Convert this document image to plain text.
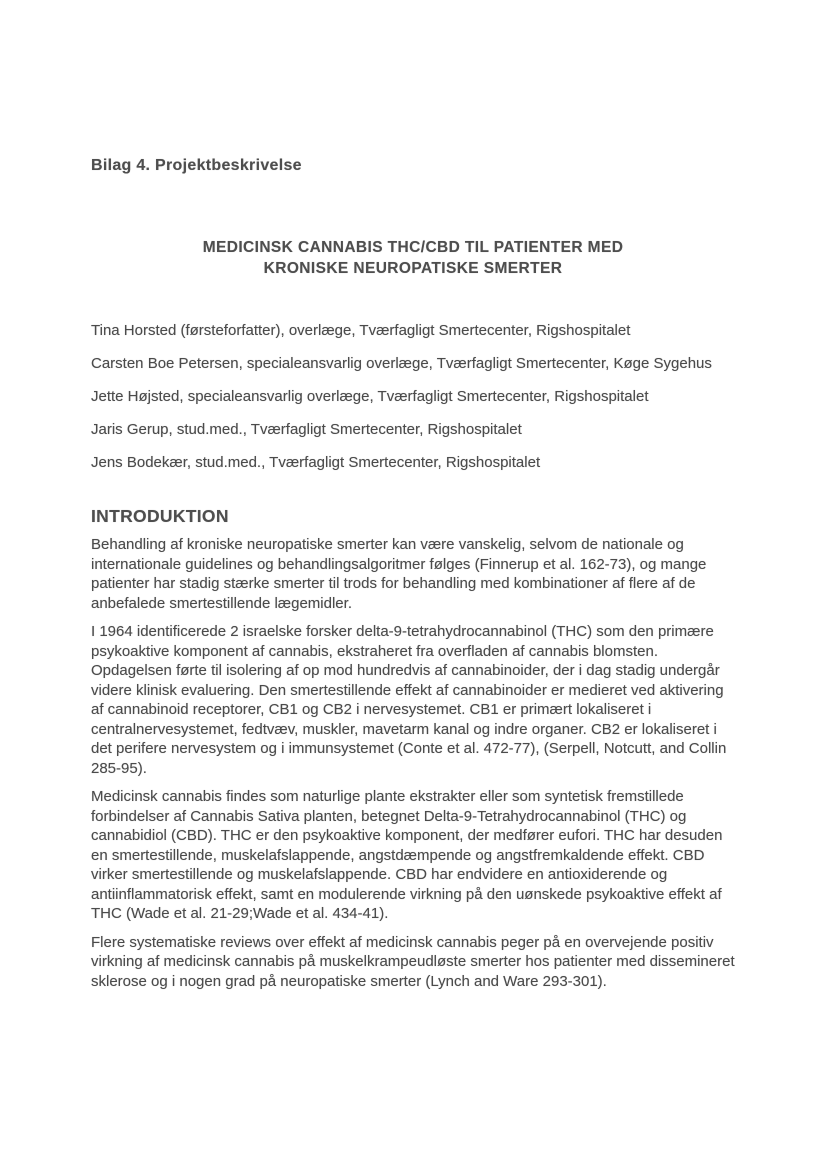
Bilag 4. Projektbeskrivelse
MEDICINSK CANNABIS THC/CBD TIL PATIENTER MED
KRONISKE NEUROPATISKE SMERTER

Tina Horsted (førsteforfatter), overlæge, Tværfagligt Smertecenter, Rigshospitalet

Carsten Boe Petersen, specialeansvarlig overlæge, Tværfagligt Smertecenter, Køge Sygehus

Jette Højsted, specialeansvarlig overlæge, Tværfagligt Smertecenter, Rigshospitalet

Jaris Gerup, stud.med., Tværfagligt Smertecenter, Rigshospitalet

Jens Bodekær, stud.med., Tværfagligt Smertecenter, Rigshospitalet

INTRODUKTION

Behandling af kroniske neuropatiske smerter kan være vanskelig, selvom de nationale og internationale guidelines og behandlingsalgoritmer følges (Finnerup et al. 162-73), og mange patienter har stadig stærke smerter til trods for behandling med kombinationer af flere af de anbefalede smertestillende lægemidler.

I 1964 identificerede 2 israelske forsker delta-9-tetrahydrocannabinol (THC) som den primære psykoaktive komponent af cannabis, ekstraheret fra overfladen af cannabis blomsten. Opdagelsen førte til isolering af op mod hundredvis af cannabinoider, der i dag stadig undergår videre klinisk evaluering. Den smertestillende effekt af cannabinoider er medieret ved aktivering af cannabinoid receptorer, CB1 og CB2 i nervesystemet. CB1 er primært lokaliseret i centralnervesystemet, fedtvæv, muskler, mavetarm kanal og indre organer. CB2 er lokaliseret i det perifere nervesystem og i immunsystemet (Conte et al. 472-77), (Serpell, Notcutt, and Collin 285-95).

Medicinsk cannabis findes som naturlige plante ekstrakter eller som syntetisk fremstillede forbindelser af Cannabis Sativa planten, betegnet Delta-9-Tetrahydrocannabinol (THC) og cannabidiol (CBD). THC er den psykoaktive komponent, der medfører eufori. THC har desuden en smertestillende, muskelafslappende, angstdæmpende og angstfremkaldende effekt. CBD virker smertestillende og muskelafslappende. CBD har endvidere en antioxiderende og antiinflammatorisk effekt, samt en modulerende virkning på den uønskede psykoaktive effekt af THC (Wade et al. 21-29;Wade et al. 434-41).

Flere systematiske reviews over effekt af medicinsk cannabis peger på en overvejende positiv virkning af medicinsk cannabis på muskelkrampeudløste smerter hos patienter med dissemineret sklerose og i nogen grad på neuropatiske smerter (Lynch and Ware 293-301).
